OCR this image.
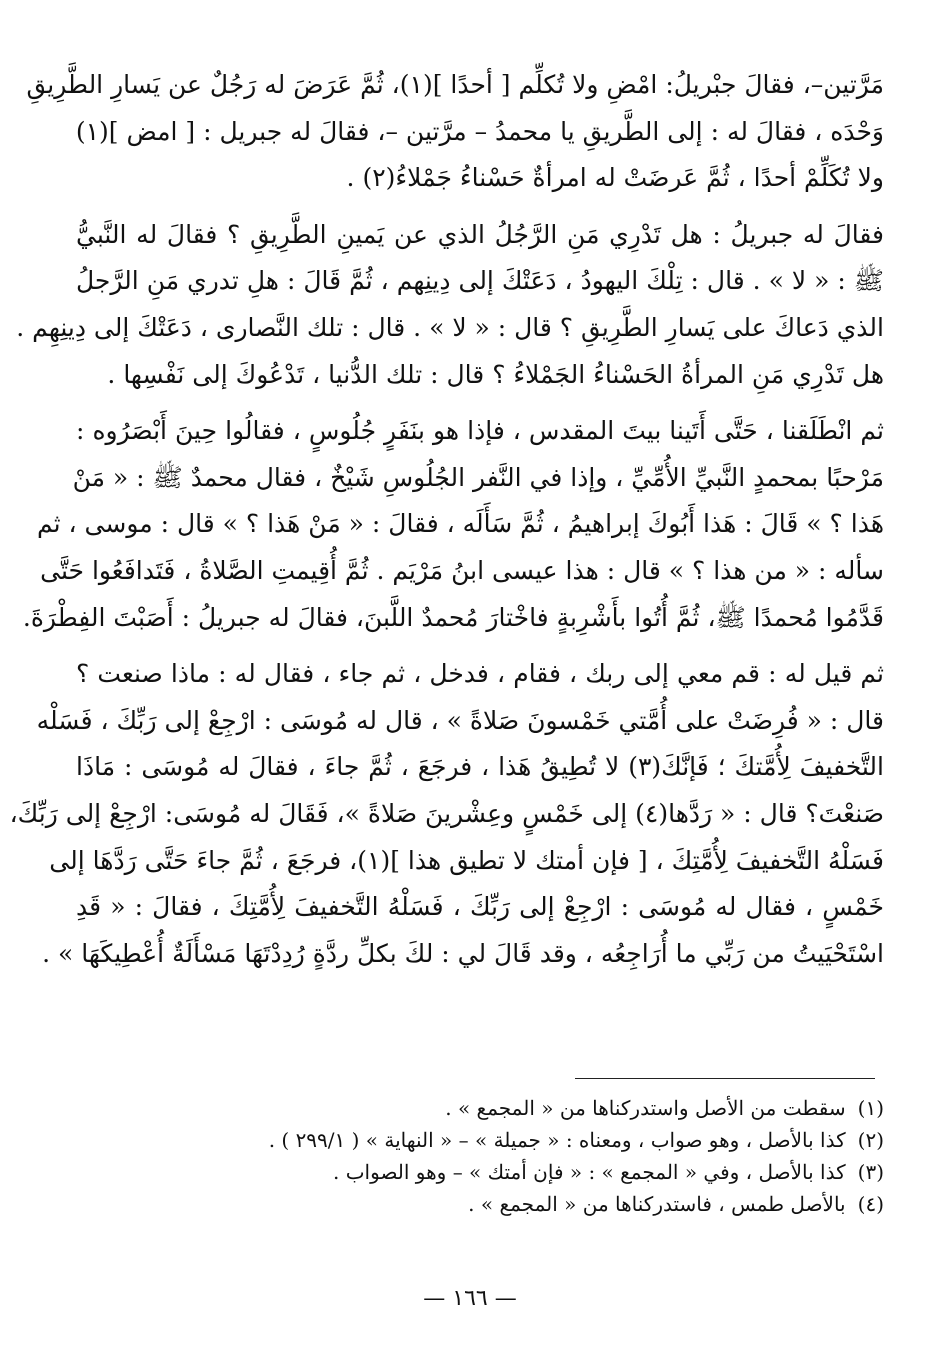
مَرَّتين–، فقالَ جبْريلُ: امْضِ ولا تُكلِّم [ أحدًا ](١)، ثُمَّ عَرَضَ له رَجُلٌ عن يَسارِ الطَّرِيقِ
وَحْدَه ، فقالَ له : إلى الطَّريقِ يا محمدُ – مرَّتين –، فقالَ له جبريل : [ امض ](١)
ولا تُكَلِّمْ أحدًا ، ثُمَّ عَرضَتْ له امرأةٌ حَسْناءُ جَمْلاءُ(٢) .

فقالَ له جبريلُ : هل تَدْرِي مَنِ الرَّجُلُ الذي عن يَمينِ الطَّرِيقِ ؟ فقالَ له النَّبيُّ
ﷺ : « لا » . قال : تِلْكَ اليهودُ ، دَعَتْكَ إلى دِينِهم ، ثُمَّ قَالَ : هلِ تدري مَنِ الرَّجلُ
الذي دَعاكَ على يَسارِ الطَّرِيقِ ؟ قال : « لا » . قال : تلك النَّصارى ، دَعَتْكَ إلى دِينِهِم .
هل تَدْرِي مَنِ المرأةُ الحَسْناءُ الجَمْلاءُ ؟ قال : تلك الدُّنيا ، تَدْعُوكَ إلى نَفْسِها .

ثم انْطَلَقنا ، حَتَّى أَتَينا بيتَ المقدس ، فإذا هو بنَفَرٍ جُلُوسٍ ، فقالُوا حِينَ أَبْصَرُوه :
مَرْحبًا بمحمدٍ النَّبيِّ الأُمِّيِّ ، وإذا في النَّفر الجُلُوسِ شَيْخٌ ، فقال محمدٌ ﷺ : « مَنْ
هَذا ؟ » قَالَ : هَذا أَبُوكَ إبراهيمُ ، ثُمَّ سَأَلَه ، فقالَ : « مَنْ هَذا ؟ » قال : موسى ، ثم
سأله : « من هذا ؟ » قال : هذا عيسى ابنُ مَرْيَم . ثُمَّ أُقِيمتِ الصَّلاةُ ، فَتَدافَعُوا حَتَّى
قَدَّمُوا مُحمدًا ﷺ، ثُمَّ أُتُوا بأَشْرِبةٍ فاخْتارَ مُحمدٌ اللَّبنَ، فقالَ له جبريلُ : أَصَبْتَ الفِطْرَةَ.

ثم قيل له : قم معي إلى ربك ، فقام ، فدخل ، ثم جاء ، فقال له : ماذا صنعت ؟
قال : « فُرِضَتْ على أُمَّتي خَمْسونَ صَلاةً » ، قال له مُوسَى : ارْجِعْ إلى رَبِّكَ ، فَسَلْه
التَّخفيفَ لِأُمَّتكَ ؛ فَإنَّكَ(٣) لا تُطِيقُ هَذا ، فرجَعَ ، ثُمَّ جاءَ ، فقالَ له مُوسَى : مَاذَا
صَنعْتَ؟ قال : « رَدَّها(٤) إلى خَمْسٍ وعِشْرينَ صَلاةً »، فَقَالَ له مُوسَى: ارْجِعْ إلى رَبِّكَ،
فَسَلْهُ التَّخفيفَ لِأُمَّتِكَ ، [ فإن أمتك لا تطيق هذا ](١)، فرجَعَ ، ثُمَّ جاءَ حَتَّى رَدَّهَا إلى
خَمْسٍ ، فقال له مُوسَى : ارْجِعْ إلى رَبِّكَ ، فَسَلْهُ التَّخفيفَ لِأُمَّتِكَ ، فقالَ : « قَدِ
اسْتَحْيَيتُ من رَبِّي ما أُرَاجِعُه ، وقد قَالَ لي : لكَ بكلِّ ردَّةٍ رُدِدْتَهَا مَسْأَلَةٌ أُعْطِيكَهَا » .

(١)سقطت من الأصل واستدركناها من « المجمع » .
(٢)كذا بالأصل ، وهو صواب ، ومعناه : « جميلة » – « النهاية » ( ٢٩٩/١ ) .
(٣)كذا بالأصل ، وفي « المجمع » : « فإن أمتك » – وهو الصواب .
(٤)بالأصل طمس ، فاستدركناها من « المجمع » .
— ١٦٦ —
